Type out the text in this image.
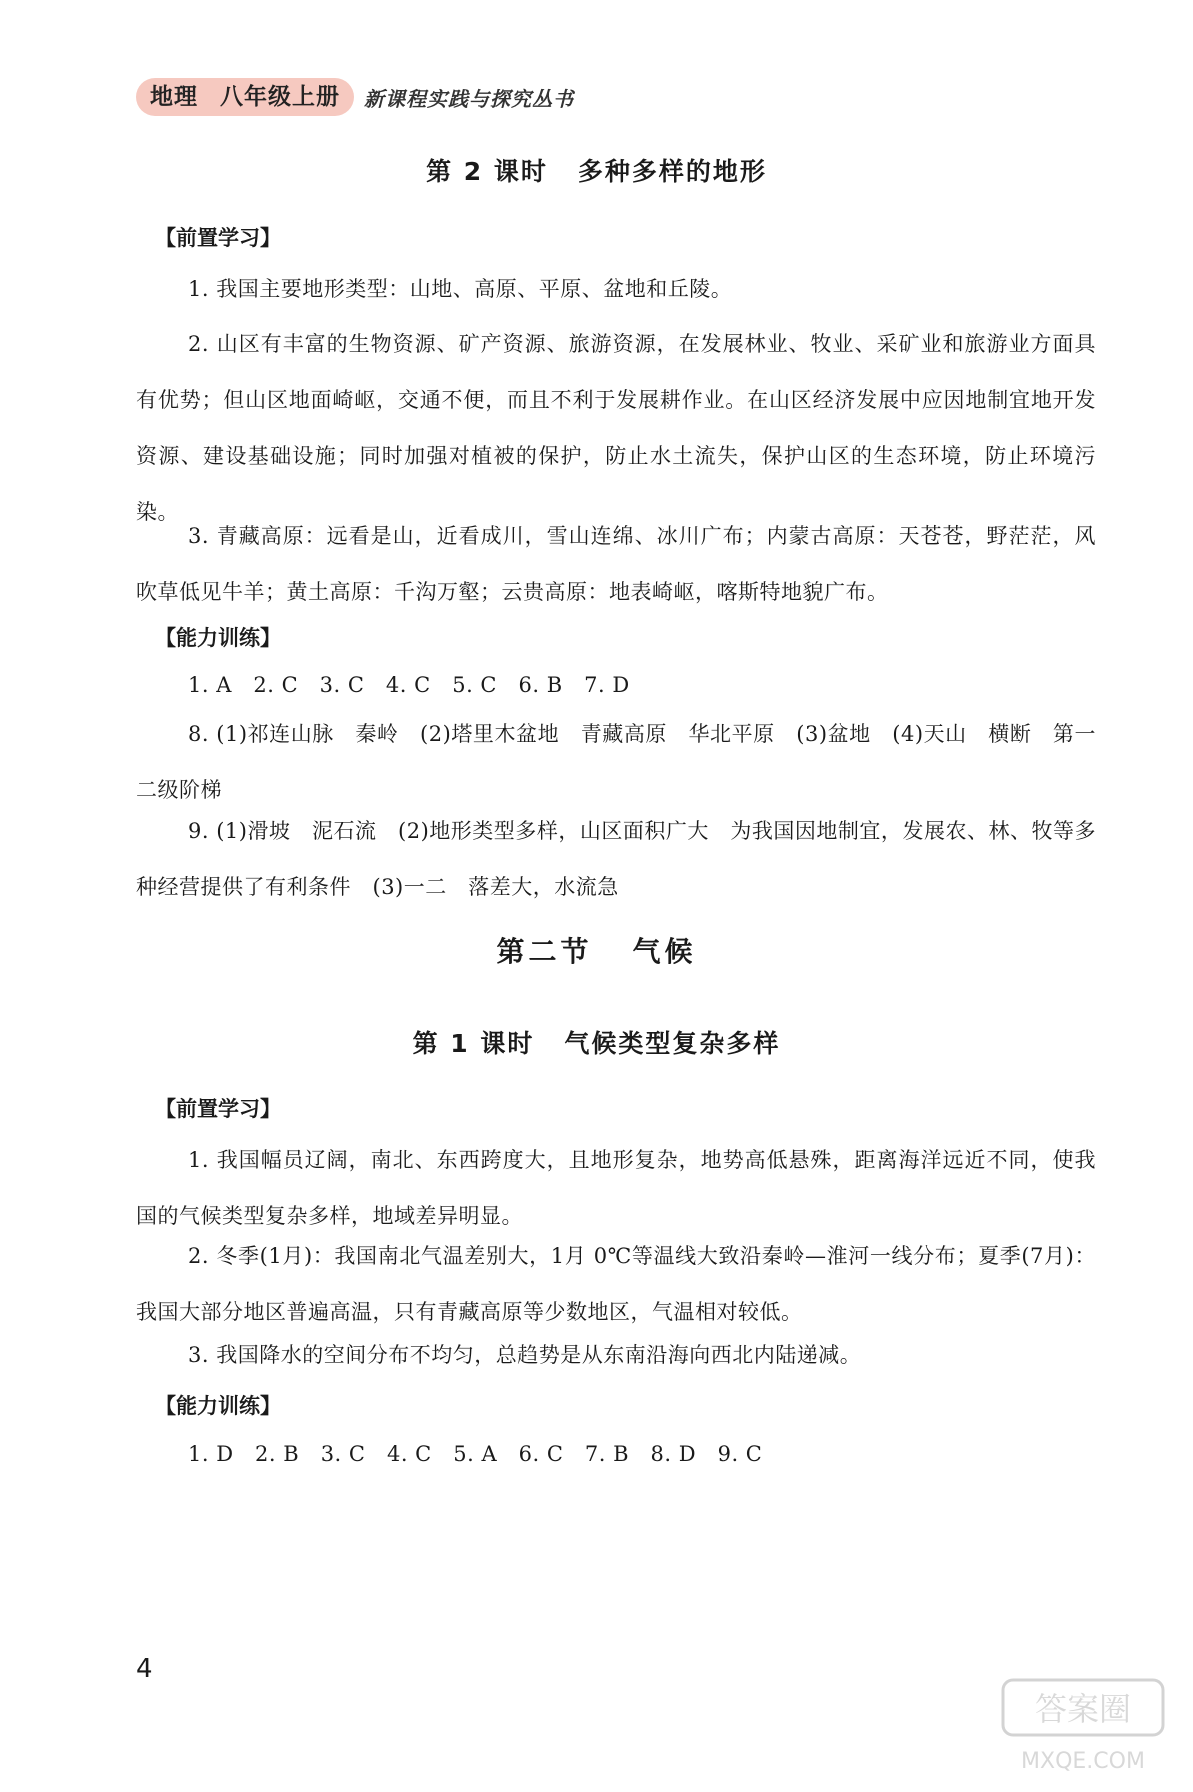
地理 八年级上册	新课程实践与探究丛书
第 2 课时 多种多样的地形
【前置学习】
1. 我国主要地形类型：山地、高原、平原、盆地和丘陵。
2. 山区有丰富的生物资源、矿产资源、旅游资源，在发展林业、牧业、采矿业和旅游业方面具有优势；但山区地面崎岖，交通不便，而且不利于发展耕作业。在山区经济发展中应因地制宜地开发资源、建设基础设施；同时加强对植被的保护，防止水土流失，保护山区的生态环境，防止环境污染。
3. 青藏高原：远看是山，近看成川，雪山连绵、冰川广布；内蒙古高原：天苍苍，野茫茫，风吹草低见牛羊；黄土高原：千沟万壑；云贵高原：地表崎岖，喀斯特地貌广布。
【能力训练】
1. A　2. C　3. C　4. C　5. C　6. B　7. D
8. (1)祁连山脉　秦岭　(2)塔里木盆地　青藏高原　华北平原　(3)盆地　(4)天山　横断　第一二级阶梯
9. (1)滑坡　泥石流　(2)地形类型多样，山区面积广大　为我国因地制宜，发展农、林、牧等多种经营提供了有利条件　(3)一二　落差大，水流急
第二节 气候
第 1 课时 气候类型复杂多样
【前置学习】
1. 我国幅员辽阔，南北、东西跨度大，且地形复杂，地势高低悬殊，距离海洋远近不同，使我国的气候类型复杂多样，地域差异明显。
2. 冬季(1月)：我国南北气温差别大，1月 0℃等温线大致沿秦岭—淮河一线分布；夏季(7月)：我国大部分地区普遍高温，只有青藏高原等少数地区，气温相对较低。
3. 我国降水的空间分布不均匀，总趋势是从东南沿海向西北内陆递减。
【能力训练】
1. D　2. B　3. C　4. C　5. A　6. C　7. B　8. D　9. C
4
答案圈
MXQE.COM
